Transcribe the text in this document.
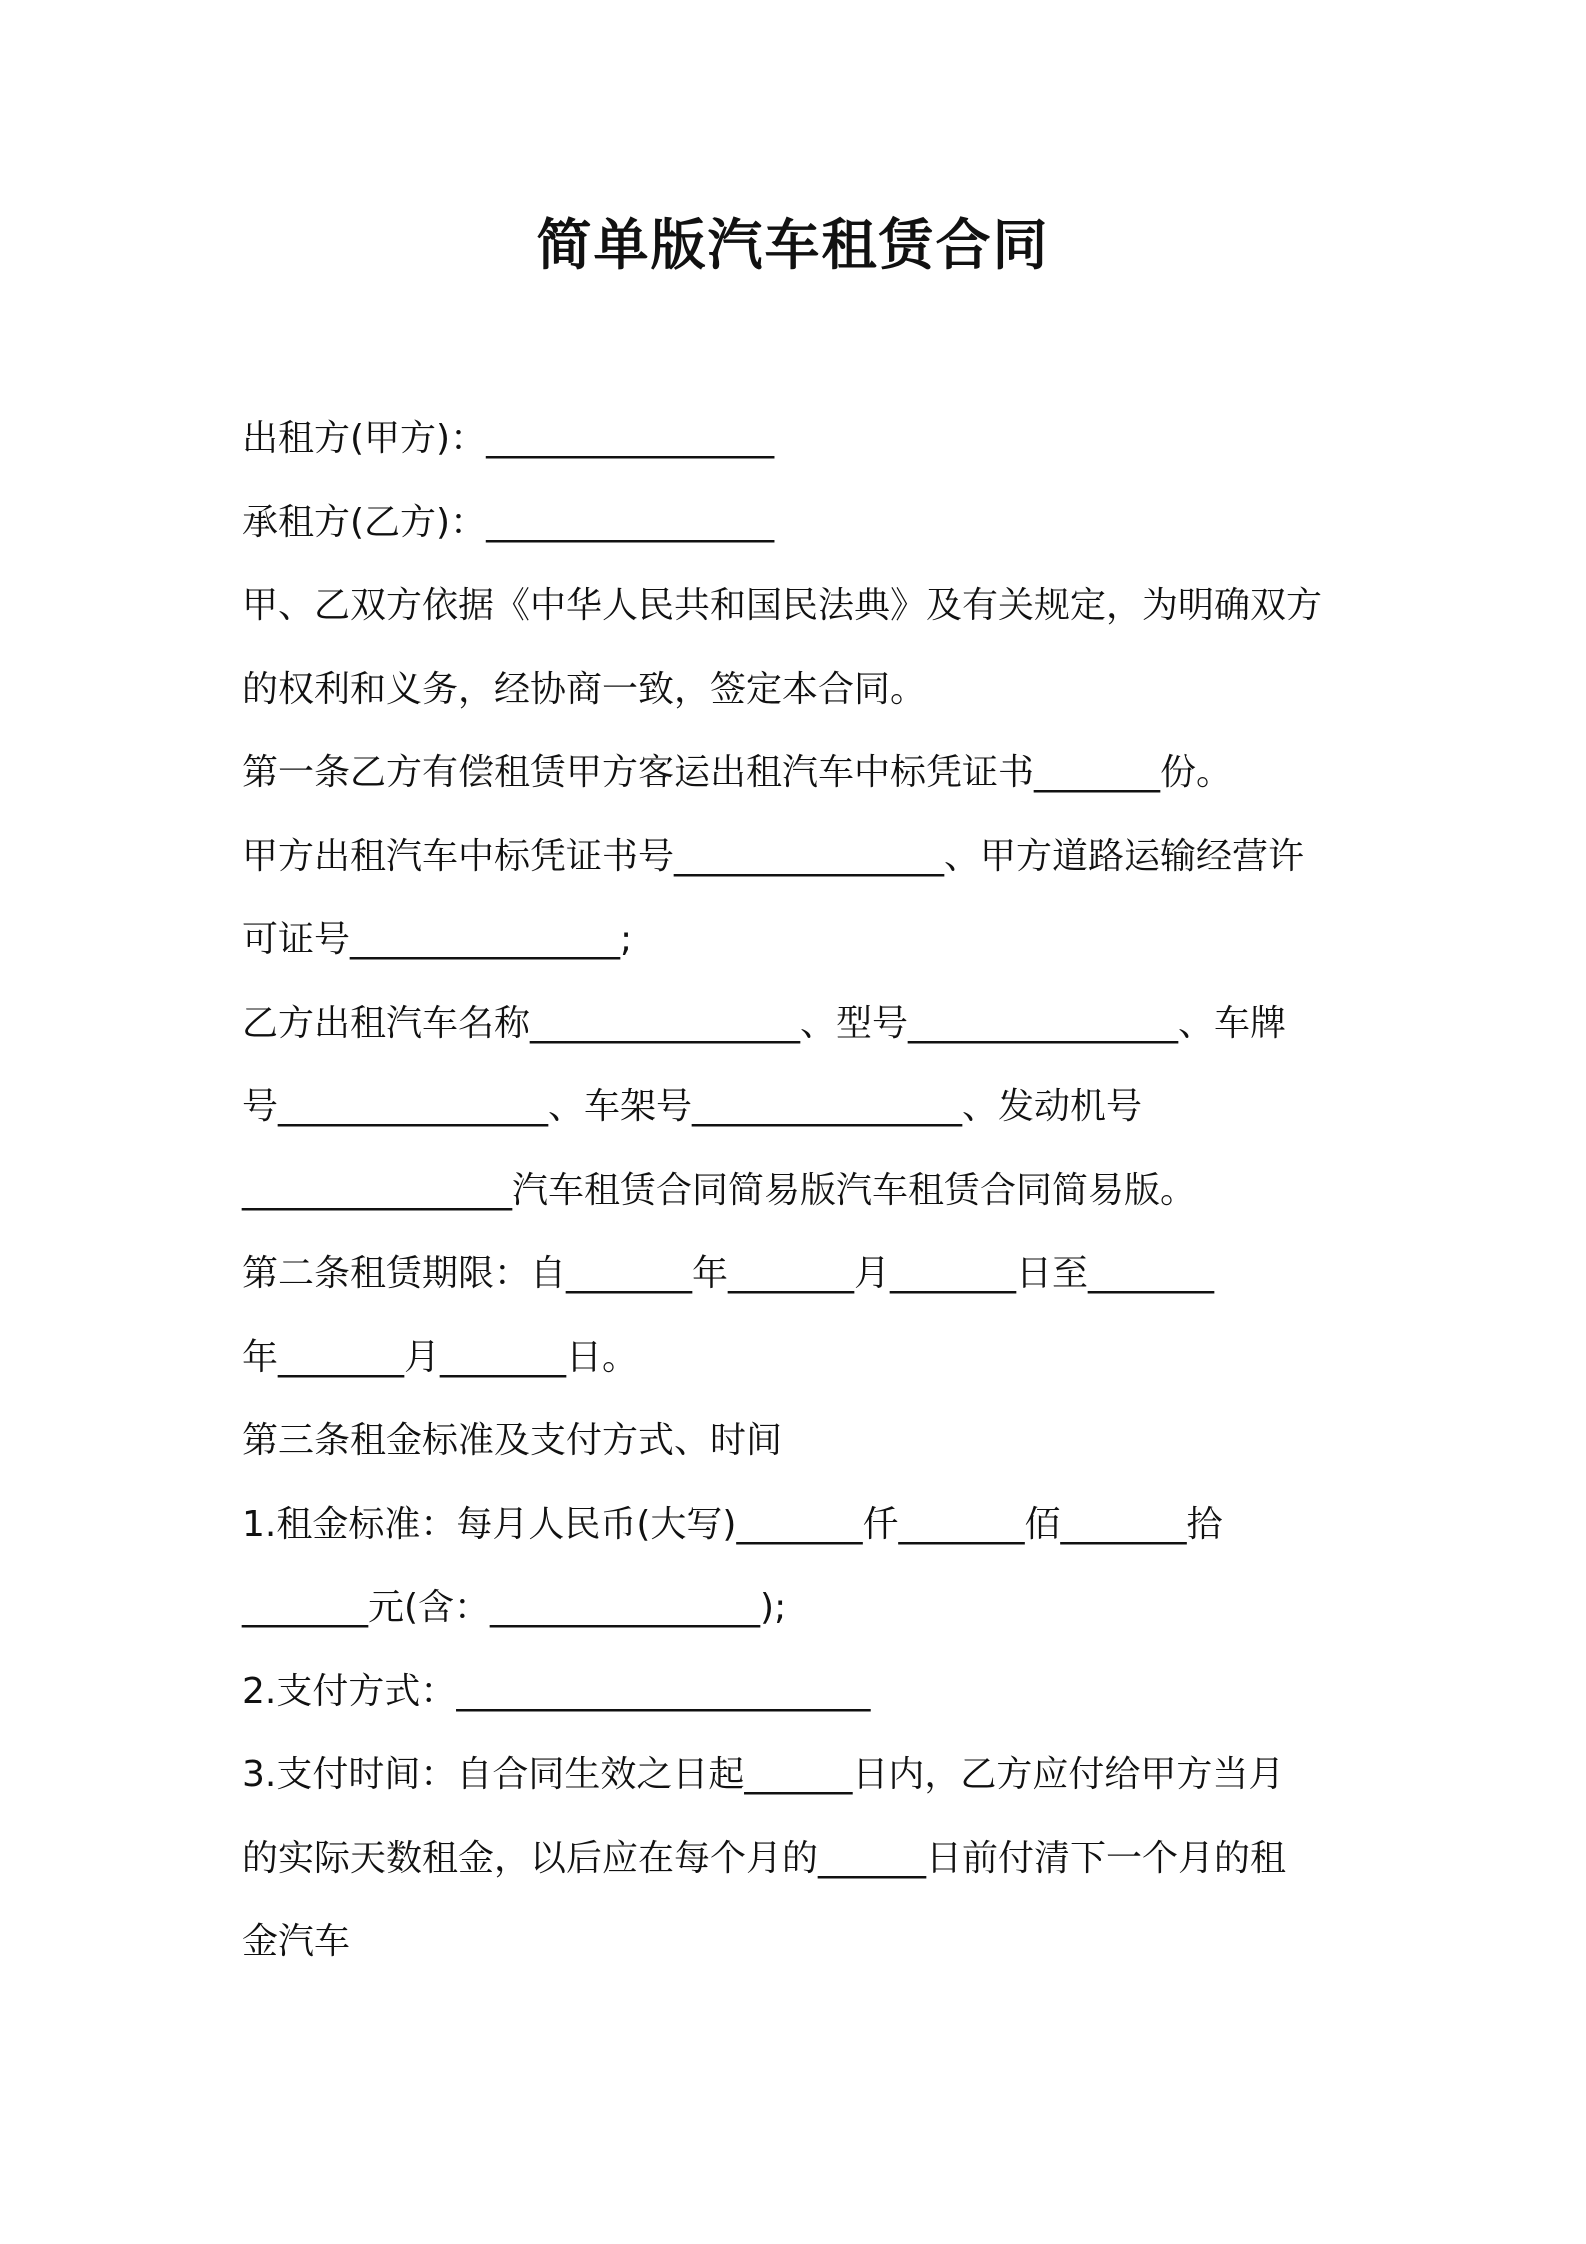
简单版汽车租赁合同
出租方(甲方)：________________
承租方(乙方)：________________
甲、乙双方依据《中华人民共和国民法典》及有关规定，为明确双方
的权利和义务，经协商一致，签定本合同。
第一条乙方有偿租赁甲方客运出租汽车中标凭证书_______份。
甲方出租汽车中标凭证书号_______________、甲方道路运输经营许
可证号_______________;
乙方出租汽车名称_______________、型号_______________、车牌
号_______________、车架号_______________、发动机号
_______________汽车租赁合同简易版汽车租赁合同简易版。
第二条租赁期限：自_______年_______月_______日至_______
年_______月_______日。
第三条租金标准及支付方式、时间
1.租金标准：每月人民币(大写)_______仟_______佰_______拾
_______元(含：_______________);
2.支付方式：_______________________
3.支付时间：自合同生效之日起______日内，乙方应付给甲方当月
的实际天数租金，以后应在每个月的______日前付清下一个月的租
金汽车
